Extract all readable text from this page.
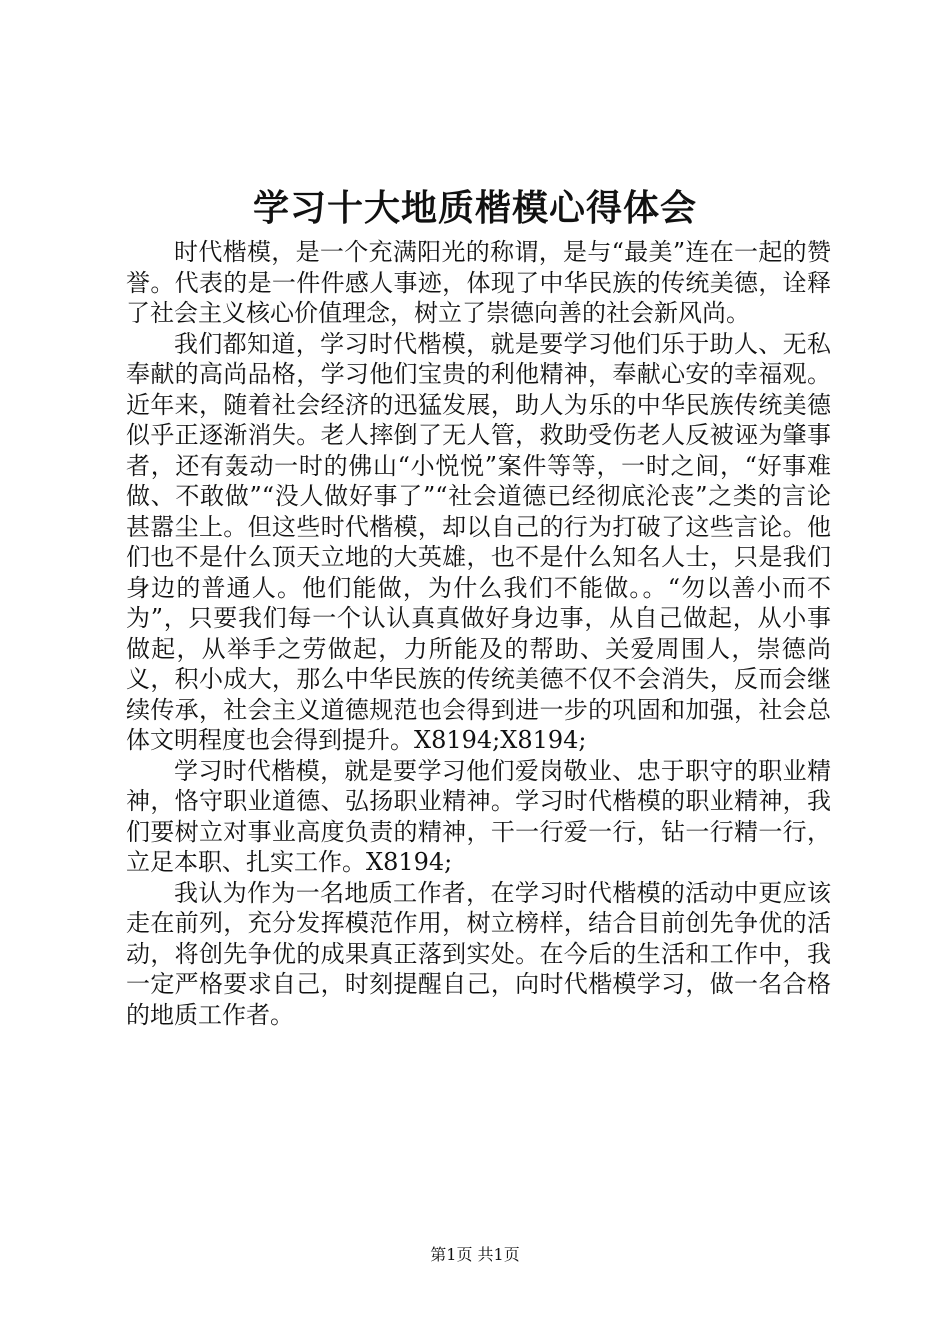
学习十大地质楷模心得体会

时代楷模，是一个充满阳光的称谓，是与“最美”连在一起的赞誉。代表的是一件件感人事迹，体现了中华民族的传统美德，诠释了社会主义核心价值理念，树立了崇德向善的社会新风尚。

我们都知道，学习时代楷模，就是要学习他们乐于助人、无私奉献的高尚品格，学习他们宝贵的利他精神，奉献心安的幸福观。近年来，随着社会经济的迅猛发展，助人为乐的中华民族传统美德似乎正逐渐消失。老人摔倒了无人管，救助受伤老人反被诬为肇事者，还有轰动一时的佛山“小悦悦”案件等等，一时之间，“好事难做、不敢做”“没人做好事了”“社会道德已经彻底沦丧”之类的言论甚嚣尘上。但这些时代楷模，却以自己的行为打破了这些言论。他们也不是什么顶天立地的大英雄，也不是什么知名人士，只是我们身边的普通人。他们能做，为什么我们不能做。。“勿以善小而不为”，只要我们每一个认认真真做好身边事，从自己做起，从小事做起，从举手之劳做起，力所能及的帮助、关爱周围人，崇德尚义，积小成大，那么中华民族的传统美德不仅不会消失，反而会继续传承，社会主义道德规范也会得到进一步的巩固和加强，社会总体文明程度也会得到提升。X8194;X8194;

学习时代楷模，就是要学习他们爱岗敬业、忠于职守的职业精神，恪守职业道德、弘扬职业精神。学习时代楷模的职业精神，我们要树立对事业高度负责的精神，干一行爱一行，钻一行精一行，立足本职、扎实工作。X8194;

我认为作为一名地质工作者，在学习时代楷模的活动中更应该走在前列，充分发挥模范作用，树立榜样，结合目前创先争优的活动，将创先争优的成果真正落到实处。在今后的生活和工作中，我一定严格要求自己，时刻提醒自己，向时代楷模学习，做一名合格的地质工作者。

第1页 共1页
